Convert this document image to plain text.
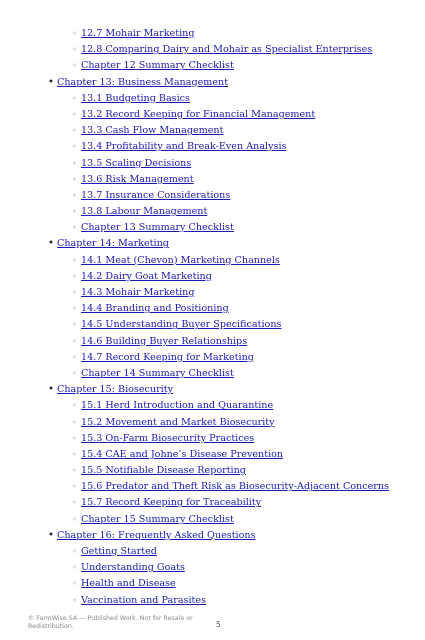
◦ 12.7 Mohair Marketing
◦ 12.8 Comparing Dairy and Mohair as Specialist Enterprises
◦ Chapter 12 Summary Checklist
• Chapter 13: Business Management
◦ 13.1 Budgeting Basics
◦ 13.2 Record Keeping for Financial Management
◦ 13.3 Cash Flow Management
◦ 13.4 Profitability and Break-Even Analysis
◦ 13.5 Scaling Decisions
◦ 13.6 Risk Management
◦ 13.7 Insurance Considerations
◦ 13.8 Labour Management
◦ Chapter 13 Summary Checklist
• Chapter 14: Marketing
◦ 14.1 Meat (Chevon) Marketing Channels
◦ 14.2 Dairy Goat Marketing
◦ 14.3 Mohair Marketing
◦ 14.4 Branding and Positioning
◦ 14.5 Understanding Buyer Specifications
◦ 14.6 Building Buyer Relationships
◦ 14.7 Record Keeping for Marketing
◦ Chapter 14 Summary Checklist
• Chapter 15: Biosecurity
◦ 15.1 Herd Introduction and Quarantine
◦ 15.2 Movement and Market Biosecurity
◦ 15.3 On-Farm Biosecurity Practices
◦ 15.4 CAE and Johne’s Disease Prevention
◦ 15.5 Notifiable Disease Reporting
◦ 15.6 Predator and Theft Risk as Biosecurity-Adjacent Concerns
◦ 15.7 Record Keeping for Traceability
◦ Chapter 15 Summary Checklist
• Chapter 16: Frequently Asked Questions
◦ Getting Started
◦ Understanding Goats
◦ Health and Disease
◦ Vaccination and Parasites
© FarmWise SA — Published Work. Not for Resale or Redistribution.	5
